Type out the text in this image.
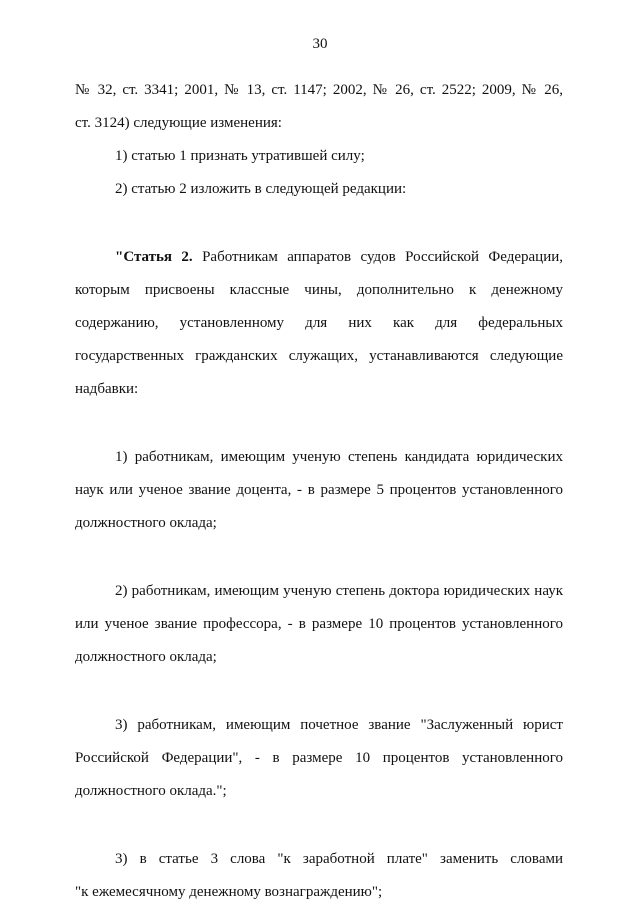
30
№ 32, ст. 3341; 2001, № 13, ст. 1147; 2002, № 26, ст. 2522; 2009, № 26,
ст. 3124) следующие изменения:
1) статью 1 признать утратившей силу;
2) статью 2 изложить в следующей редакции:
"Статья 2. Работникам аппаратов судов Российской Федерации,
которым присвоены классные чины, дополнительно к денежному
содержанию, установленному для них как для федеральных
государственных гражданских служащих, устанавливаются следующие
надбавки:
1) работникам, имеющим ученую степень кандидата юридических
наук или ученое звание доцента, - в размере 5 процентов установленного
должностного оклада;
2) работникам, имеющим ученую степень доктора юридических наук
или ученое звание профессора, - в размере 10 процентов установленного
должностного оклада;
3) работникам, имеющим почетное звание "Заслуженный юрист
Российской Федерации", - в размере 10 процентов установленного
должностного оклада.";
3) в статье 3 слова "к заработной плате" заменить словами
"к ежемесячному денежному вознаграждению";
